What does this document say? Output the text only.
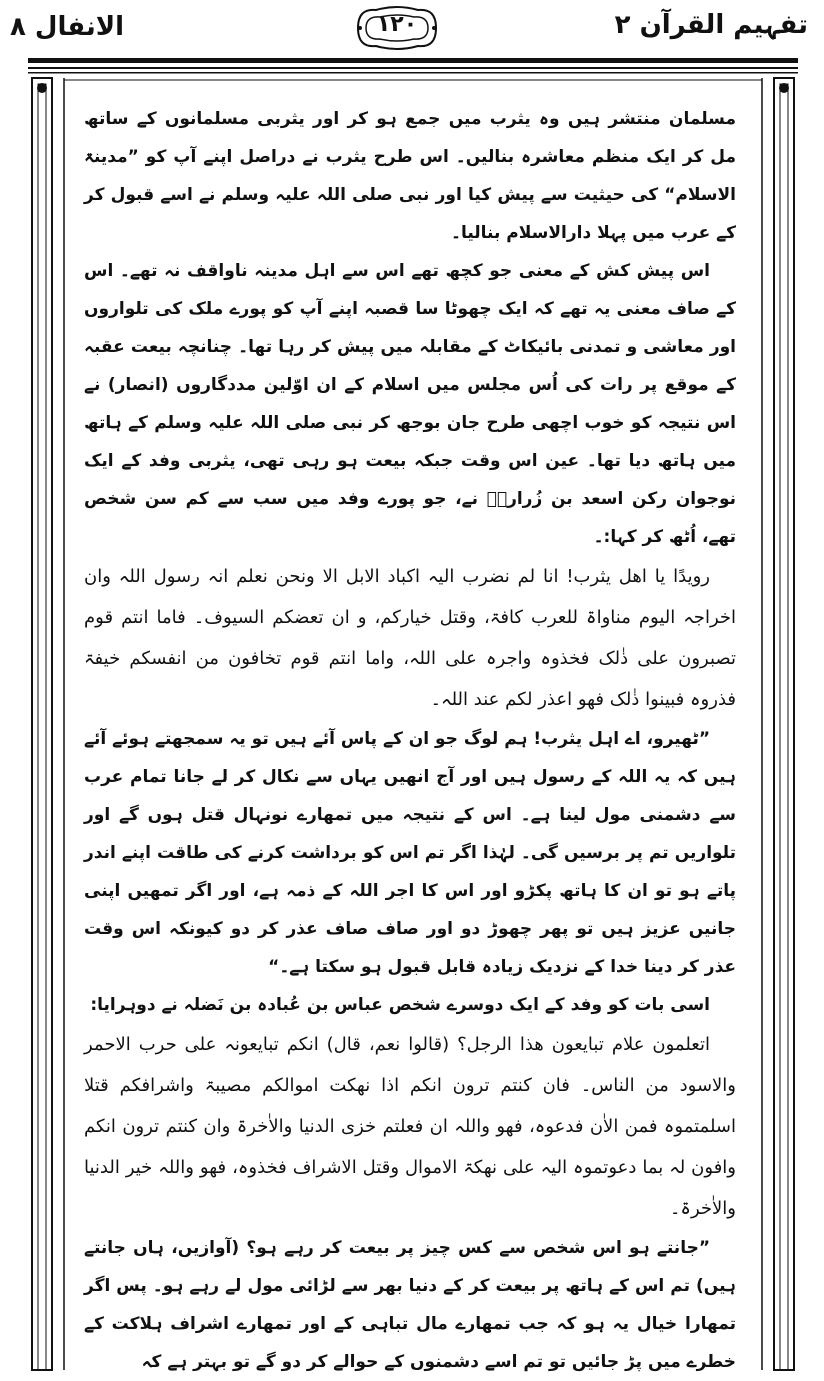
تفہیم القرآن ۲
۱۲۰
الانفال ۸

مسلمان منتشر ہیں وہ یثرب میں جمع ہو کر اور یثربی مسلمانوں کے ساتھ مل کر ایک منظم معاشرہ بنالیں۔ اس طرح یثرب نے دراصل اپنے آپ کو ”مدینۃ الاسلام“ کی حیثیت سے پیش کیا اور نبی صلی اللہ علیہ وسلم نے اسے قبول کر کے عرب میں پہلا دارالاسلام بنالیا۔

اس پیش کش کے معنی جو کچھ تھے اس سے اہل مدینہ ناواقف نہ تھے۔ اس کے صاف معنی یہ تھے کہ ایک چھوٹا سا قصبہ اپنے آپ کو پورے ملک کی تلواروں اور معاشی و تمدنی بائیکاٹ کے مقابلہ میں پیش کر رہا تھا۔ چنانچہ بیعت عقبہ کے موقع پر رات کی اُس مجلس میں اسلام کے ان اوّلین مددگاروں (انصار) نے اس نتیجہ کو خوب اچھی طرح جان بوجھ کر نبی صلی اللہ علیہ وسلم کے ہاتھ میں ہاتھ دیا تھا۔ عین اس وقت جبکہ بیعت ہو رہی تھی، یثربی وفد کے ایک نوجوان رکن اسعد بن زُرارہؓ نے، جو پورے وفد میں سب سے کم سن شخص تھے، اُٹھ کر کہا:۔

رویدًا یا اھل یثرب! انا لم نضرب الیہ اکباد الابل الا ونحن نعلم انہ رسول اللہ وان اخراجہ الیوم مناواۃ للعرب کافۃ، وقتل خیارکم، و ان تعضکم السیوف۔ فاما انتم قوم تصبرون علی ذٰلک فخذوہ واجرہ علی اللہ، واما انتم قوم تخافون من انفسکم خیفۃ فذروہ فبینوا ذٰلک فھو اعذر لکم عند اللہ۔

”ٹھیرو، اے اہل یثرب! ہم لوگ جو ان کے پاس آئے ہیں تو یہ سمجھتے ہوئے آئے ہیں کہ یہ اللہ کے رسول ہیں اور آج انھیں یہاں سے نکال کر لے جانا تمام عرب سے دشمنی مول لینا ہے۔ اس کے نتیجہ میں تمھارے نونہال قتل ہوں گے اور تلواریں تم پر برسیں گی۔ لہٰذا اگر تم اس کو برداشت کرنے کی طاقت اپنے اندر پاتے ہو تو ان کا ہاتھ پکڑو اور اس کا اجر اللہ کے ذمہ ہے، اور اگر تمھیں اپنی جانیں عزیز ہیں تو پھر چھوڑ دو اور صاف صاف عذر کر دو کیونکہ اس وقت عذر کر دینا خدا کے نزدیک زیادہ قابل قبول ہو سکتا ہے۔“

اسی بات کو وفد کے ایک دوسرے شخص عباس بن عُبادہ بن نَضلہ نے دوہرایا:

اتعلمون علام تبایعون ھذا الرجل؟ (قالوا نعم، قال) انکم تبایعونہ علی حرب الاحمر والاسود من الناس۔ فان کنتم ترون انکم اذا نھکت اموالکم مصیبۃ واشرافکم قتلا اسلمتموہ فمن الاٰن فدعوہ، فھو واللہ ان فعلتم خزی الدنیا والاٰخرۃ وان کنتم ترون انکم وافون لہ بما دعوتموہ الیہ علی نھکۃ الاموال وقتل الاشراف فخذوہ، فھو واللہ خیر الدنیا والاٰخرۃ۔

”جانتے ہو اس شخص سے کس چیز پر بیعت کر رہے ہو؟ (آوازیں، ہاں جانتے ہیں) تم اس کے ہاتھ پر بیعت کر کے دنیا بھر سے لڑائی مول لے رہے ہو۔ پس اگر تمھارا خیال یہ ہو کہ جب تمھارے مال تباہی کے اور تمھارے اشراف ہلاکت کے خطرے میں پڑ جائیں تو تم اسے دشمنوں کے حوالے کر دو گے تو بہتر ہے کہ
